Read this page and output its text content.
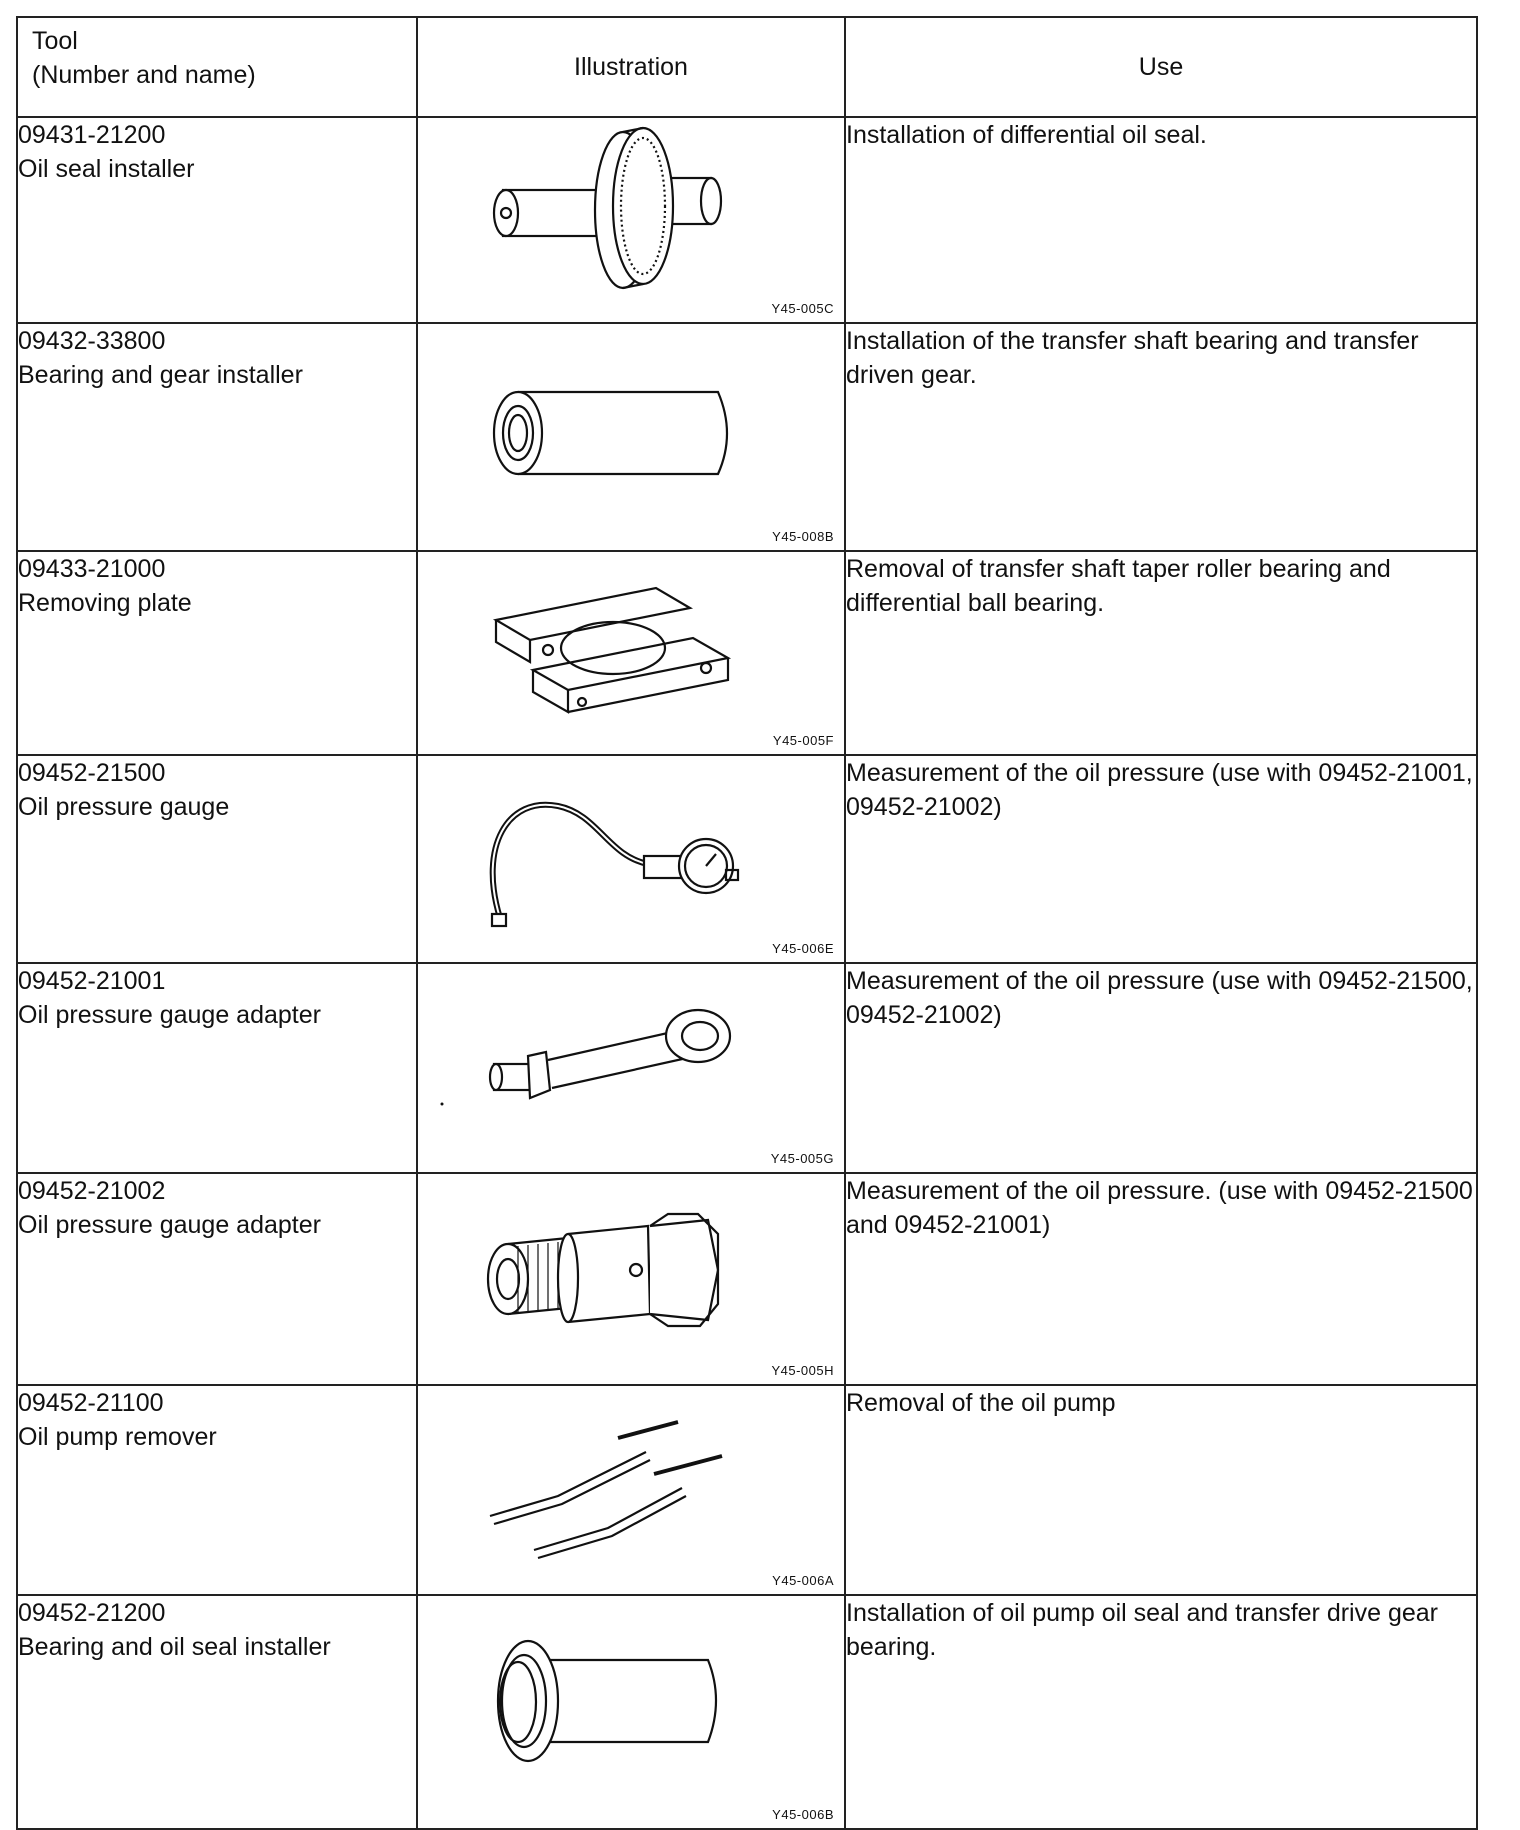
Tool
(Number and name)	Illustration	Use

09431-21200
Oil seal installer	Y45-005C	Installation of differential oil seal.

09432-33800
Bearing and gear installer	Y45-008B	Installation of the transfer shaft bearing and transfer driven gear.

09433-21000
Removing plate	Y45-005F	Removal of transfer shaft taper roller bearing and differential ball bearing.

09452-21500
Oil pressure gauge	Y45-006E	Measurement of the oil pressure (use with 09452-21001, 09452-21002)

09452-21001
Oil pressure gauge adapter	Y45-005G	Measurement of the oil pressure (use with 09452-21500, 09452-21002)

09452-21002
Oil pressure gauge adapter	Y45-005H	Measurement of the oil pressure. (use with 09452-21500 and 09452-21001)

09452-21100
Oil pump remover	Y45-006A	Removal of the oil pump

09452-21200
Bearing and oil seal installer	Y45-006B	Installation of oil pump oil seal and transfer drive gear bearing.
